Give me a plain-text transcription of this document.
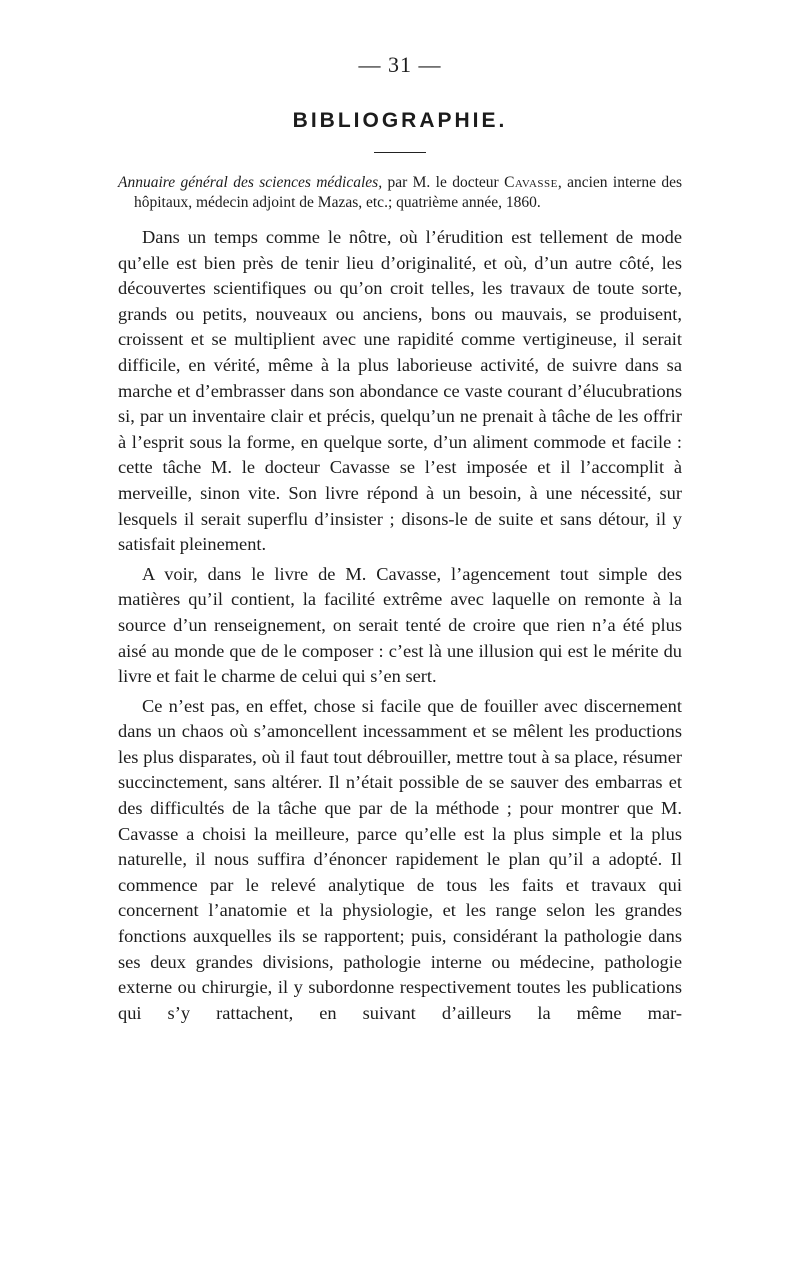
— 31 —
BIBLIOGRAPHIE.

Annuaire général des sciences médicales, par M. le docteur Cavasse, ancien interne des hôpitaux, médecin adjoint de Mazas, etc.; quatrième année, 1860.

Dans un temps comme le nôtre, où l’érudition est tellement de mode qu’elle est bien près de tenir lieu d’originalité, et où, d’un autre côté, les découvertes scientifiques ou qu’on croit telles, les travaux de toute sorte, grands ou petits, nouveaux ou anciens, bons ou mauvais, se produisent, croissent et se multiplient avec une rapidité comme vertigineuse, il serait difficile, en vérité, même à la plus laborieuse activité, de suivre dans sa marche et d’embrasser dans son abondance ce vaste courant d’élucubrations si, par un inventaire clair et précis, quelqu’un ne prenait à tâche de les offrir à l’esprit sous la forme, en quelque sorte, d’un aliment commode et facile : cette tâche M. le docteur Cavasse se l’est imposée et il l’accomplit à merveille, sinon vite. Son livre répond à un besoin, à une nécessité, sur lesquels il serait superflu d’insister ; disons-le de suite et sans détour, il y satisfait pleinement.

A voir, dans le livre de M. Cavasse, l’agencement tout simple des matières qu’il contient, la facilité extrême avec laquelle on remonte à la source d’un renseignement, on serait tenté de croire que rien n’a été plus aisé au monde que de le composer : c’est là une illusion qui est le mérite du livre et fait le charme de celui qui s’en sert.

Ce n’est pas, en effet, chose si facile que de fouiller avec discernement dans un chaos où s’amoncellent incessamment et se mêlent les productions les plus disparates, où il faut tout débrouiller, mettre tout à sa place, résumer succinctement, sans altérer. Il n’était possible de se sauver des embarras et des difficultés de la tâche que par de la méthode ; pour montrer que M. Cavasse a choisi la meilleure, parce qu’elle est la plus simple et la plus naturelle, il nous suffira d’énoncer rapidement le plan qu’il a adopté. Il commence par le relevé analytique de tous les faits et travaux qui concernent l’anatomie et la physiologie, et les range selon les grandes fonctions auxquelles ils se rapportent; puis, considérant la pathologie dans ses deux grandes divisions, pathologie interne ou médecine, pathologie externe ou chirurgie, il y subordonne respectivement toutes les publications qui s’y rattachent, en suivant d’ailleurs la même mar-
